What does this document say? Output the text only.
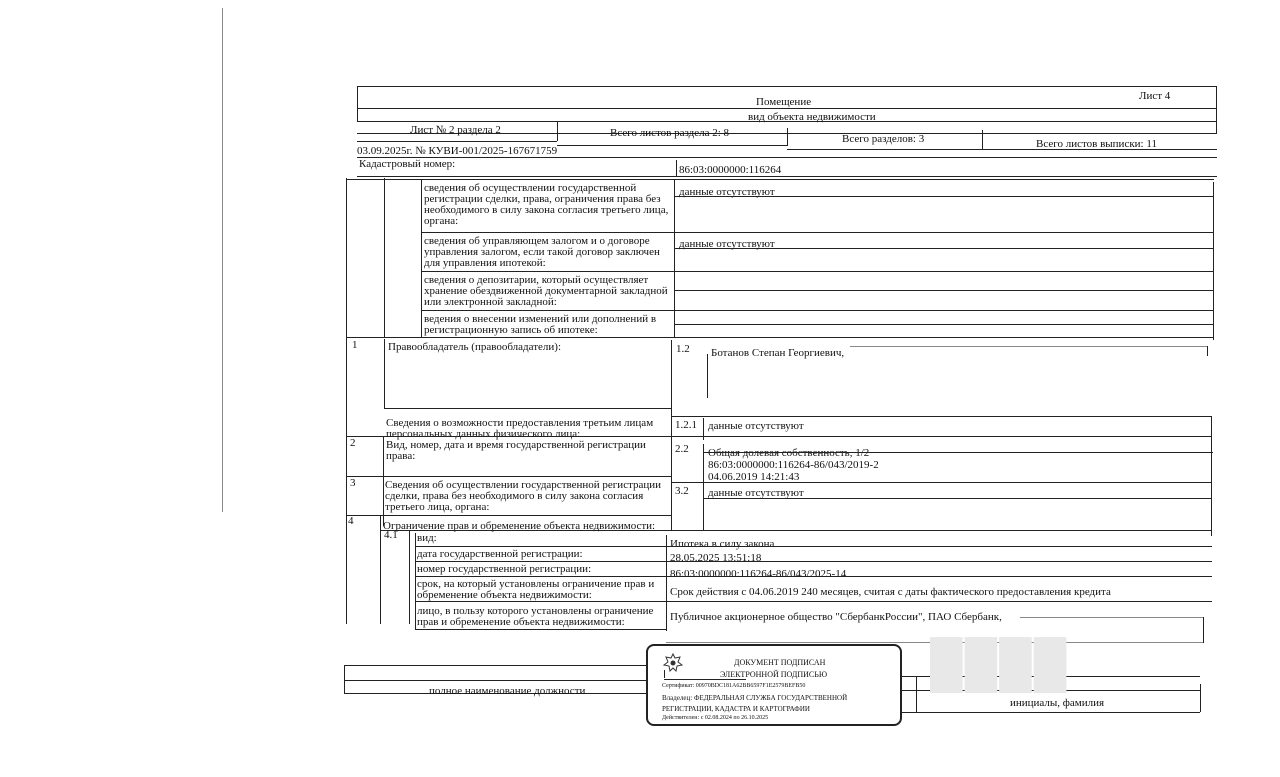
Лист 4
Помещение
вид объекта недвижимости
Лист № 2 раздела 2	Всего листов раздела 2: 8	Всего разделов: 3	Всего листов выписки: 11
03.09.2025г. № КУВИ-001/2025-167671759
Кадастровый номер:	86:03:0000000:116264
сведения об осуществлении государственной регистрации сделки, права, ограничения права без необходимого в силу закона согласия третьего лица, органа:
данные отсутствуют
сведения об управляющем залогом и о договоре управления залогом, если такой договор заключен для управления ипотекой:
данные отсутствуют
сведения о депозитарии, который осуществляет хранение обездвиженной документарной закладной или электронной закладной:
ведения о внесении изменений или дополнений в регистрационную запись об ипотеке:
1	Правообладатель (правообладатели):	1.2 Ботанов Степан Георгиевич,
Сведения о возможности предоставления третьим лицам персональных данных физического лица:
1.2.1 данные отсутствуют
2	Вид, номер, дата и время государственной регистрации права:
2.2 Общая долевая собственность, 1/2
86:03:0000000:116264-86/043/2019-2
04.06.2019 14:21:43
3	Сведения об осуществлении государственной регистрации сделки, права без необходимого в силу закона согласия третьего лица, органа:
3.2 данные отсутствуют
4	Ограничение прав и обременение объекта недвижимости:
4.1 вид:	Ипотека в силу закона
дата государственной регистрации:	28.05.2025 13:51:18
номер государственной регистрации:	86:03:0000000:116264-86/043/2025-14
срок, на который установлены ограничение прав и обременение объекта недвижимости:	Срок действия с 04.06.2019 240 месяцев, считая с даты фактического предоставления кредита
лицо, в пользу которого установлены ограничение прав и обременение объекта недвижимости:	Публичное акционерное общество "СбербанкРоссии", ПАО Сбербанк,
полное наименование должности
инициалы, фамилия
████
ДОКУМЕНТ ПОДПИСАН
ЭЛЕКТРОННОЙ ПОДПИСЬЮ
Сертификат: 00970BDC181A62BB6597F1E2579BEFB50
Владелец: ФЕДЕРАЛЬНАЯ СЛУЖБА ГОСУДАРСТВЕННОЙ
РЕГИСТРАЦИИ, КАДАСТРА И КАРТОГРАФИИ
Действителен: с 02.08.2024 по 26.10.2025
